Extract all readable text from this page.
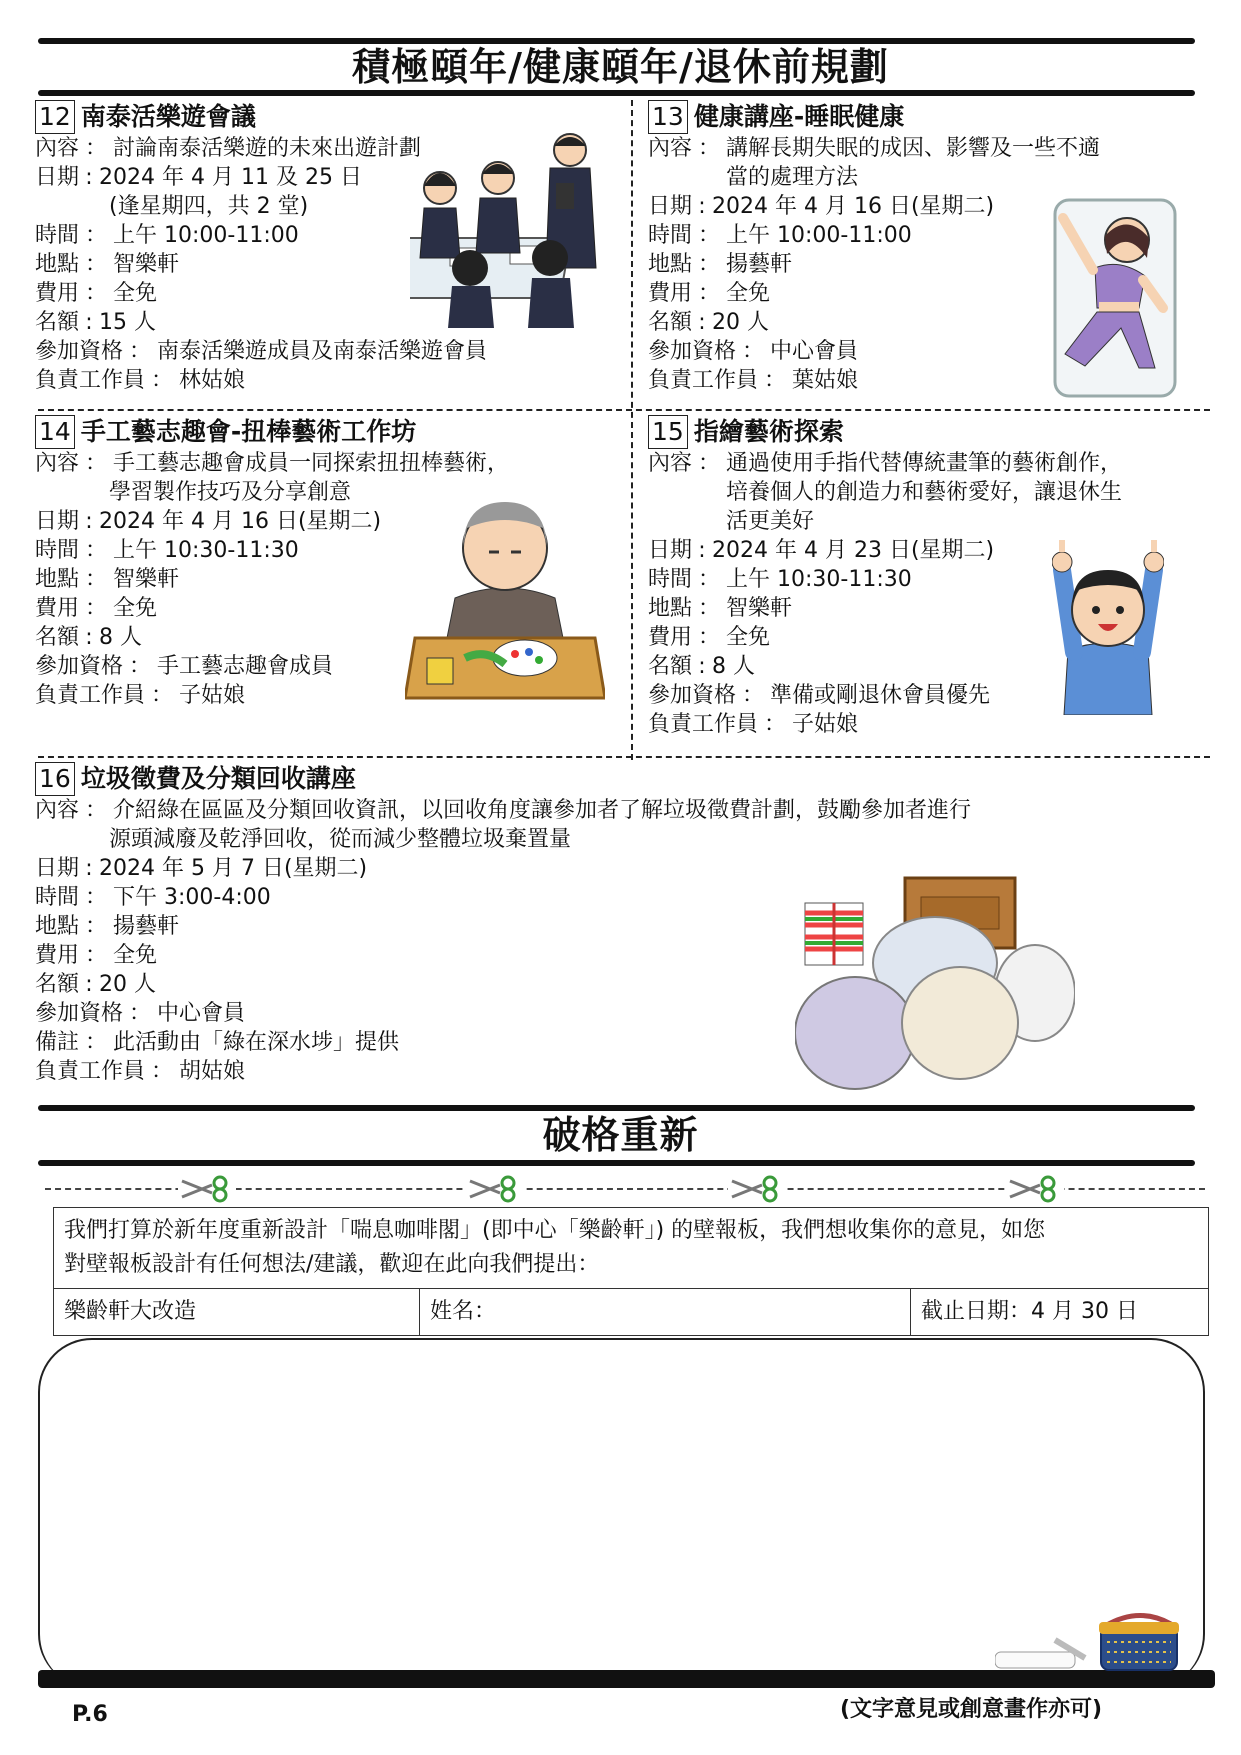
積極頤年/健康頤年/退休前規劃
12 南泰活樂遊會議
內容 ： 討論南泰活樂遊的未來出遊計劃
日期 : 2024 年 4 月 11 及 25 日
(逢星期四，共 2 堂)
時間 ： 上午 10:00-11:00
地點 ： 智樂軒
費用 ： 全免
名額 : 15 人
參加資格 ： 南泰活樂遊成員及南泰活樂遊會員
負責工作員 ： 林姑娘
13 健康講座-睡眠健康
內容 ： 講解長期失眠的成因、影響及一些不適
當的處理方法
日期 : 2024 年 4 月 16 日(星期二)
時間 ： 上午 10:00-11:00
地點 ： 揚藝軒
費用 ： 全免
名額 : 20 人
參加資格 ： 中心會員
負責工作員 ： 葉姑娘
14 手工藝志趣會-扭棒藝術工作坊
內容 ： 手工藝志趣會成員一同探索扭扭棒藝術，
學習製作技巧及分享創意
日期 : 2024 年 4 月 16 日(星期二)
時間 ： 上午 10:30-11:30
地點 ： 智樂軒
費用 ： 全免
名額 : 8 人
參加資格 ： 手工藝志趣會成員
負責工作員 ： 子姑娘
15 指繪藝術探索
內容 ： 通過使用手指代替傳統畫筆的藝術創作，
培養個人的創造力和藝術愛好，讓退休生
活更美好
日期 : 2024 年 4 月 23 日(星期二)
時間 ： 上午 10:30-11:30
地點 ： 智樂軒
費用 ： 全免
名額 : 8 人
參加資格 ： 準備或剛退休會員優先
負責工作員 ： 子姑娘
16 垃圾徵費及分類回收講座
內容 ： 介紹綠在區區及分類回收資訊，以回收角度讓參加者了解垃圾徵費計劃，鼓勵參加者進行
源頭減廢及乾淨回收，從而減少整體垃圾棄置量
日期 : 2024 年 5 月 7 日(星期二)
時間 ： 下午 3:00-4:00
地點 ： 揚藝軒
費用 ： 全免
名額 : 20 人
參加資格 ： 中心會員
備註 ： 此活動由「綠在深水埗」提供
負責工作員 ： 胡姑娘
破格重新
我們打算於新年度重新設計「喘息咖啡閣」(即中心「樂齡軒」) 的壁報板，我們想收集你的意見，如您
對壁報板設計有任何想法/建議，歡迎在此向我們提出：

樂齡軒大改造	姓名：	截止日期：4 月 30 日
P.6	(文字意見或創意畫作亦可)
